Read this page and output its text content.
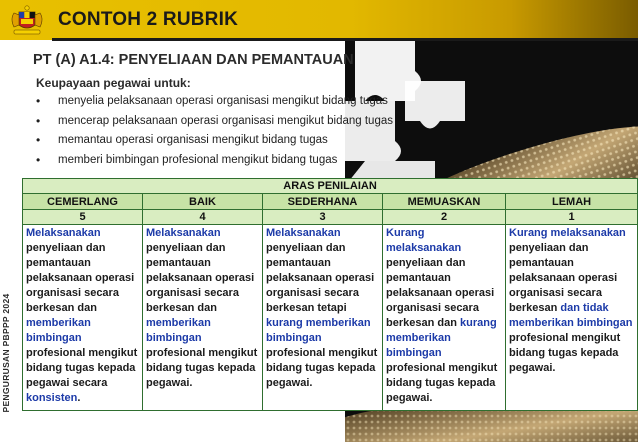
CONTOH 2 RUBRIK
PENGURUSAN PBPPP 2024
PT (A) A1.4: PENYELIAAN DAN PEMANTAUAN
Keupayaan pegawai untuk:
• menyelia pelaksanaan operasi organisasi mengikut bidang tugas
• mencerap pelaksanaan operasi organisasi mengikut bidang tugas
• memantau operasi organisasi mengikut bidang tugas
• memberi bimbingan profesional mengikut bidang tugas
ARAS PENILAIAN				
CEMERLANG	BAIK	SEDERHANA	MEMUASKAN	LEMAH
5	4	3	2	1
Melaksanakan penyeliaan dan pemantauan pelaksanaan operasi organisasi secara berkesan dan memberikan bimbingan profesional mengikut bidang tugas kepada pegawai secara konsisten.	Melaksanakan penyeliaan dan pemantauan pelaksanaan operasi organisasi secara berkesan dan memberikan bimbingan profesional mengikut bidang tugas kepada pegawai.	Melaksanakan penyeliaan dan pemantauan pelaksanaan operasi organisasi secara berkesan tetapi kurang memberikan bimbingan profesional mengikut bidang tugas kepada pegawai.	Kurang melaksanakan penyeliaan dan pemantauan pelaksanaan operasi organisasi secara berkesan dan kurang memberikan bimbingan profesional mengikut bidang tugas kepada pegawai.	Kurang melaksanakan penyeliaan dan pemantauan pelaksanaan operasi organisasi secara berkesan dan tidak memberikan bimbingan profesional mengikut bidang tugas kepada pegawai.
